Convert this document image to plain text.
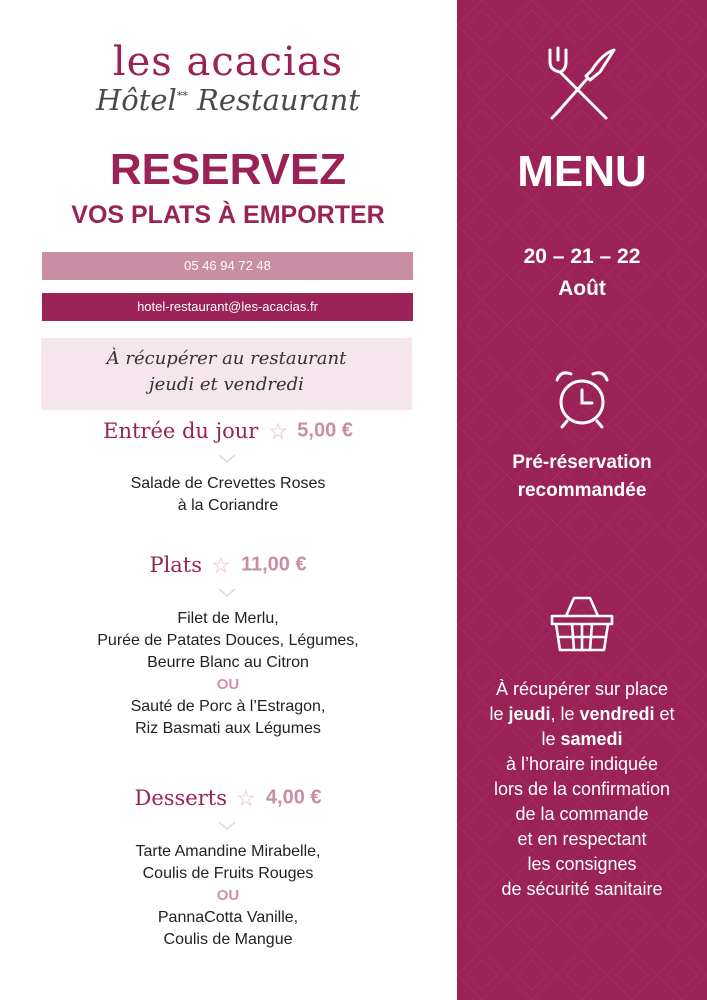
les acacias
Hôtel** Restaurant
RESERVEZ
VOS PLATS À EMPORTER
05 46 94 72 48
hotel-restaurant@les-acacias.fr
À récupérer au restaurant
jeudi et vendredi
Entrée du jour 5,00 €
Salade de Crevettes Roses
à la Coriandre
Plats 11,00 €
Filet de Merlu,
Purée de Patates Douces, Légumes,
Beurre Blanc au Citron
OU
Sauté de Porc à l’Estragon,
Riz Basmati aux Légumes
Desserts 4,00 €
Tarte Amandine Mirabelle,
Coulis de Fruits Rouges
OU
PannaCotta Vanille,
Coulis de Mangue
MENU
20 – 21 – 22
Août
Pré-réservation
recommandée
À récupérer sur place
le jeudi, le vendredi et
le samedi
à l’horaire indiquée
lors de la confirmation
de la commande
et en respectant
les consignes
de sécurité sanitaire
